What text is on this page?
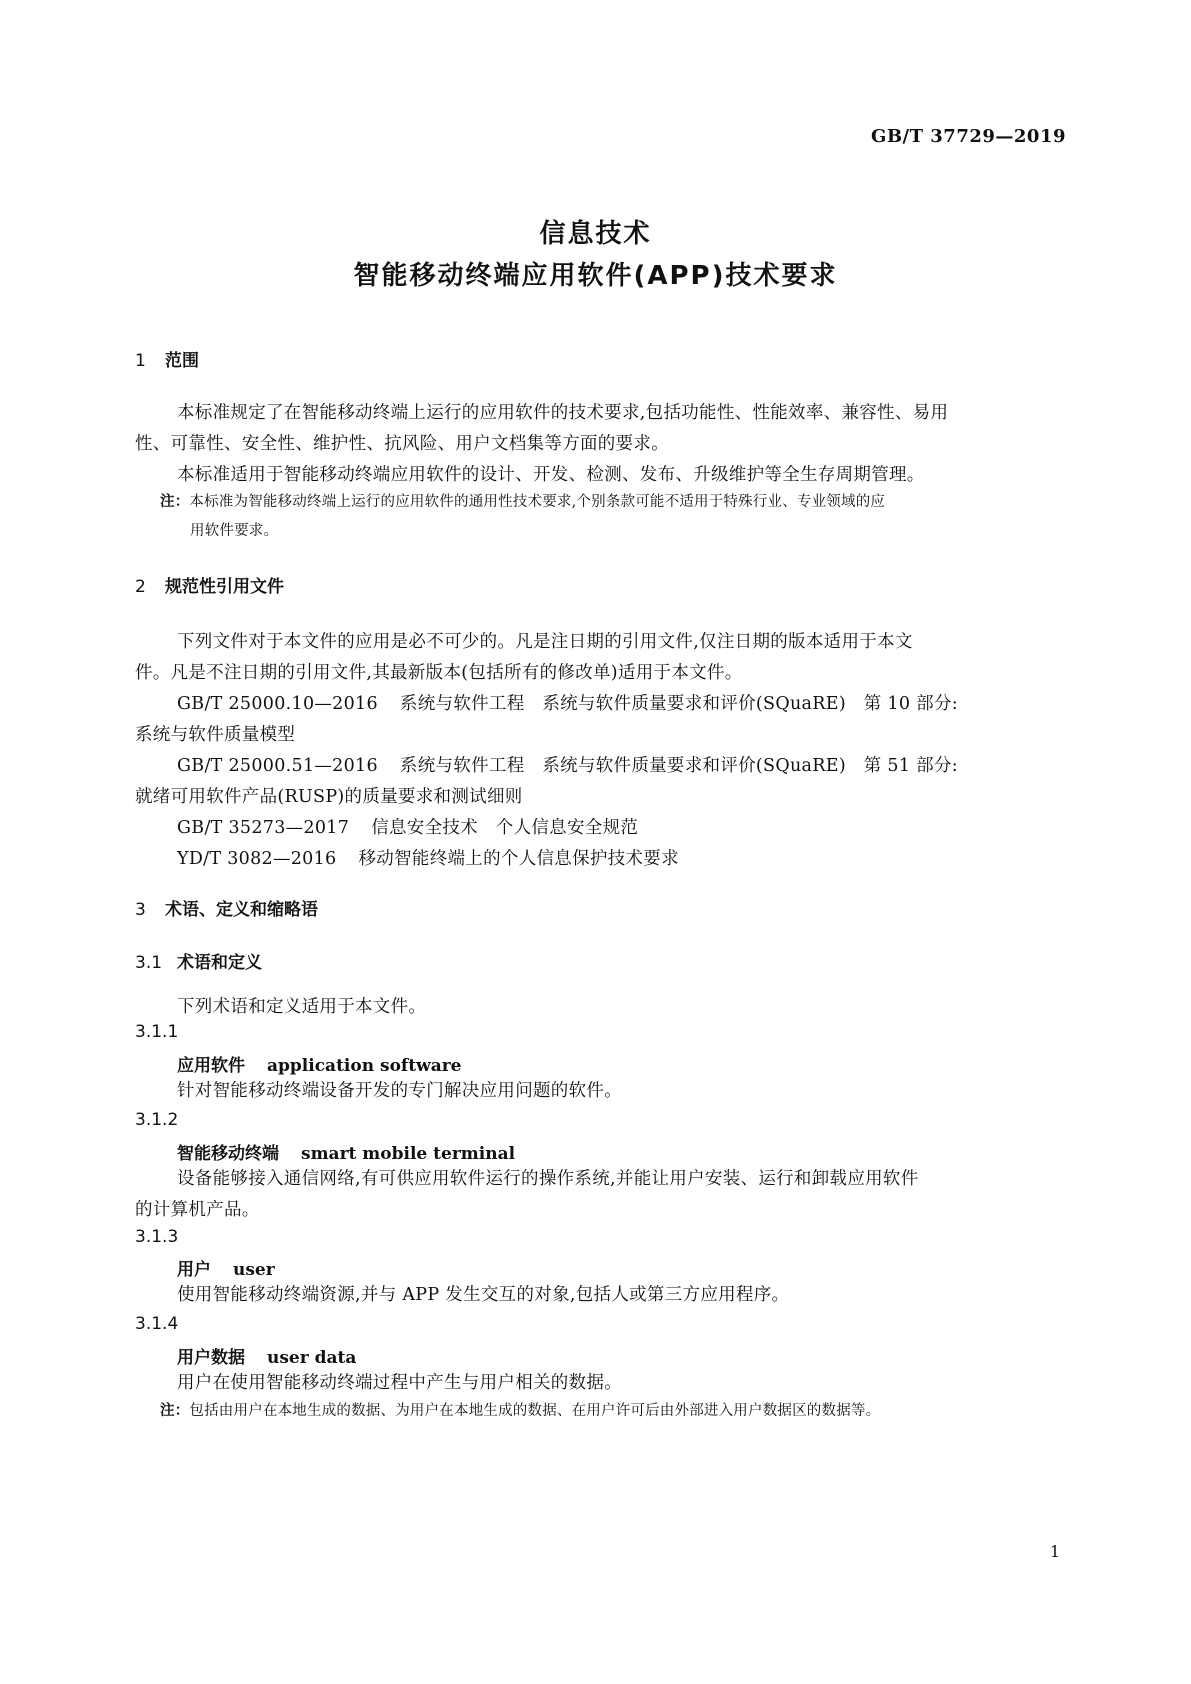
GB/T 37729—2019
信息技术
智能移动终端应用软件(APP)技术要求
1 范围
本标准规定了在智能移动终端上运行的应用软件的技术要求,包括功能性、性能效率、兼容性、易用
性、可靠性、安全性、维护性、抗风险、用户文档集等方面的要求。
本标准适用于智能移动终端应用软件的设计、开发、检测、发布、升级维护等全生存周期管理。
注：本标准为智能移动终端上运行的应用软件的通用性技术要求,个别条款可能不适用于特殊行业、专业领域的应
用软件要求。
2 规范性引用文件
下列文件对于本文件的应用是必不可少的。凡是注日期的引用文件,仅注日期的版本适用于本文
件。凡是不注日期的引用文件,其最新版本(包括所有的修改单)适用于本文件。
GB/T 25000.10—2016 系统与软件工程　系统与软件质量要求和评价(SQuaRE)　第 10 部分:
系统与软件质量模型
GB/T 25000.51—2016 系统与软件工程　系统与软件质量要求和评价(SQuaRE)　第 51 部分:
就绪可用软件产品(RUSP)的质量要求和测试细则
GB/T 35273—2017 信息安全技术　个人信息安全规范
YD/T 3082—2016 移动智能终端上的个人信息保护技术要求
3 术语、定义和缩略语
3.1 术语和定义
下列术语和定义适用于本文件。
3.1.1
应用软件 application software
针对智能移动终端设备开发的专门解决应用问题的软件。
3.1.2
智能移动终端 smart mobile terminal
设备能够接入通信网络,有可供应用软件运行的操作系统,并能让用户安装、运行和卸载应用软件
的计算机产品。
3.1.3
用户 user
使用智能移动终端资源,并与 APP 发生交互的对象,包括人或第三方应用程序。
3.1.4
用户数据 user data
用户在使用智能移动终端过程中产生与用户相关的数据。
注：包括由用户在本地生成的数据、为用户在本地生成的数据、在用户许可后由外部进入用户数据区的数据等。
1
